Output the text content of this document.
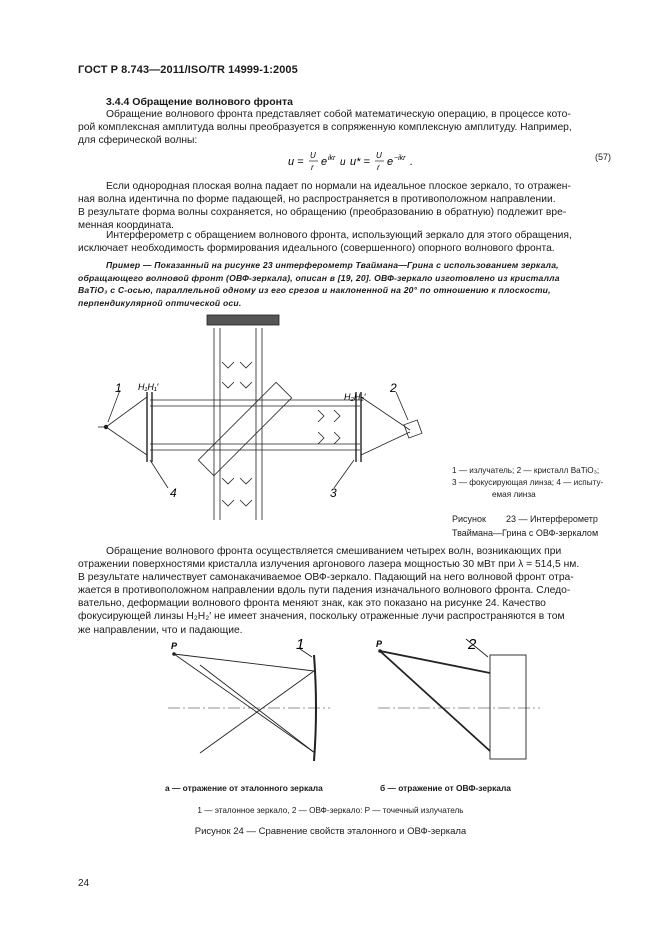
ГОСТ Р 8.743—2011/ISO/TR 14999-1:2005
3.4.4 Обращение волнового фронта
Обращение волнового фронта представляет собой математическую операцию, в процессе кото-
рой комплексная амплитуда волны преобразуется в сопряженную комплексную амплитуду. Например,
для сферической волны:
u =
U
r e ikr и u* =
U
r e −ikr .	(57)
Если однородная плоская волна падает по нормали на идеальное плоское зеркало, то отражен-
ная волна идентична по форме падающей, но распространяется в противоположном направлении.
В результате форма волны сохраняется, но обращению (преобразованию в обратную) подлежит вре-
менная координата.
Интерферометр с обращением волнового фронта, использующий зеркало для этого обращения,
исключает необходимость формирования идеального (совершенного) опорного волнового фронта.
Пример — Показанный на рисунке 23 интерферометр Тваймана—Грина с использованием зеркала,
обращающего волновой фронт (ОВФ-зеркала), описан в [19, 20]. ОВФ-зеркало изготовлено из кристалла
BaTiO₃ с C-осью, параллельной одному из его срезов и наклоненной на 20° по отношению к плоскости,
перпендикулярной оптической оси.
1 H₁H₁′	2
H₂H₂′
4	3
1 — излучатель; 2 — кристалл BaTiO₃;
3 — фокусирующая линза; 4 — испыту-
емая линза
Рисунок        23 — Интерферометр
Тваймана—Грина с ОВФ-зеркалом
Обращение волнового фронта осуществляется смешиванием четырех волн, возникающих при
отражении поверхностями кристалла излучения аргонового лазера мощностью 30 мВт при λ = 514,5 нм.
В результате наличествует самонакачиваемое ОВФ-зеркало. Падающий на него волновой фронт отра-
жается в противоположном направлении вдоль пути падения изначального волнового фронта. Следо-
вательно, деформации волнового фронта меняют знак, как это показано на рисунке 24. Качество
фокусирующей линзы H₂H₂′ не имеет значения, поскольку отраженные лучи распространяются в том
же направлении, что и падающие.
P	1	P	2
а — отражение от эталонного зеркала	б — отражение от ОВФ-зеркала
1 — эталонное зеркало, 2 — ОВФ-зеркало: P — точечный излучатель
Рисунок 24 — Сравнение свойств эталонного и ОВФ-зеркала
24
